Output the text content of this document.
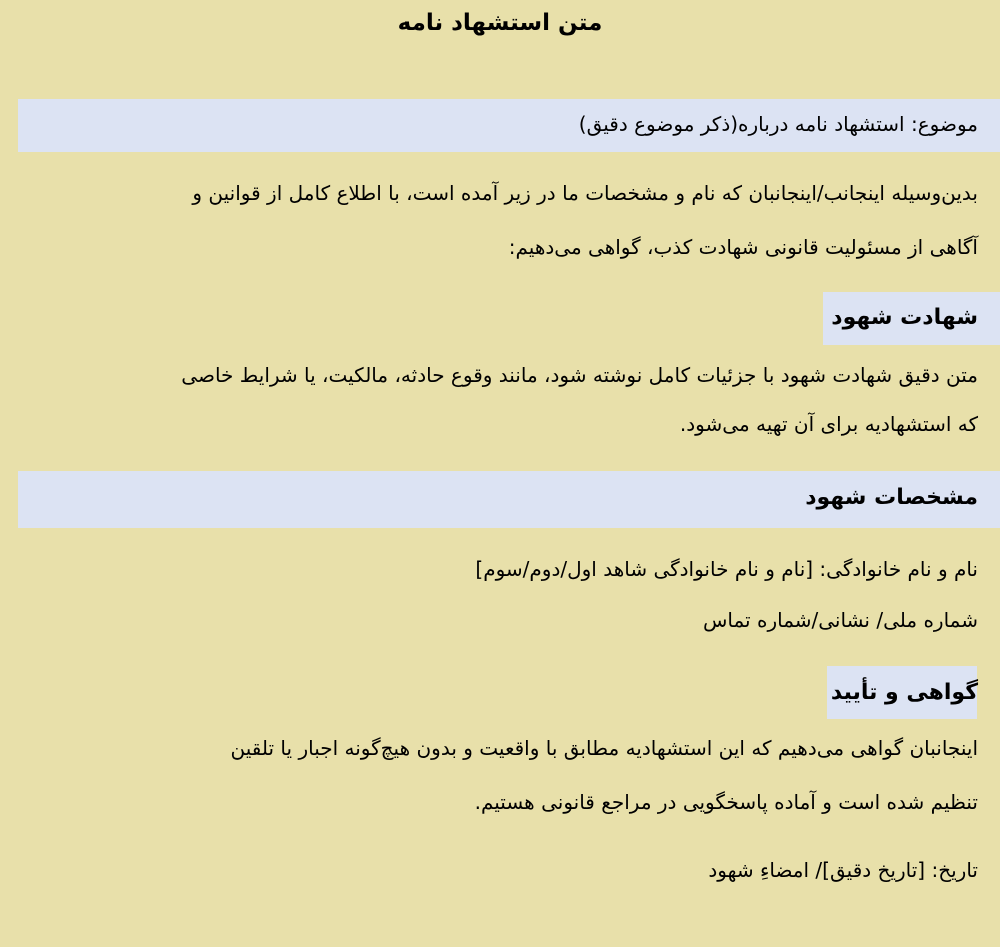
متن استشهاد نامه
موضوع: استشهاد نامه درباره(ذکر موضوع دقیق)
بدین‌وسیله اینجانب/اینجانبان که نام و مشخصات ما در زیر آمده است، با اطلاع کامل از قوانین و
آگاهی از مسئولیت قانونی شهادت کذب، گواهی می‌دهیم:
شهادت شهود
متن دقیق شهادت شهود با جزئیات کامل نوشته شود، مانند وقوع حادثه، مالکیت، یا شرایط خاصی
که استشهادیه برای آن تهیه می‌شود.
مشخصات شهود
نام و نام خانوادگی: [نام و نام خانوادگی شاهد اول/دوم/سوم]
شماره ملی/ نشانی/شماره تماس
گواهی و تأیید
اینجانبان گواهی می‌دهیم که این استشهادیه مطابق با واقعیت و بدون هیچ‌گونه اجبار یا تلقین
تنظیم شده است و آماده پاسخگویی در مراجع قانونی هستیم.
تاریخ: [تاریخ دقیق]/ امضاءِ شهود
